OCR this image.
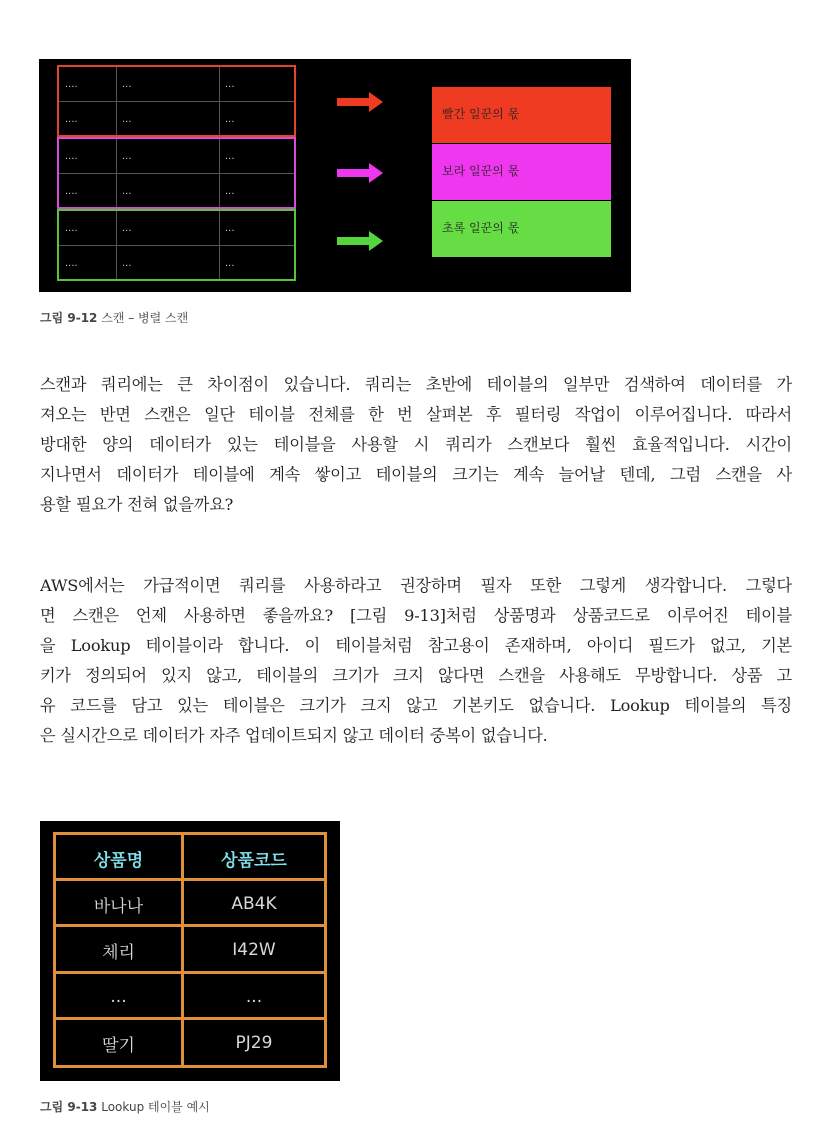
....	...	...
....	...	...
....	...	...
....	...	...
....	...	...
....	...	...
빨간 일꾼의 몫
보라 일꾼의 몫
초록 일꾼의 몫
그림 9-12 스캔 – 병렬 스캔
스캔과 쿼리에는 큰 차이점이 있습니다. 쿼리는 초반에 테이블의 일부만 검색하여 데이터를 가
져오는 반면 스캔은 일단 테이블 전체를 한 번 살펴본 후 필터링 작업이 이루어집니다. 따라서
방대한 양의 데이터가 있는 테이블을 사용할 시 쿼리가 스캔보다 훨씬 효율적입니다. 시간이
지나면서 데이터가 테이블에 계속 쌓이고 테이블의 크기는 계속 늘어날 텐데, 그럼 스캔을 사
용할 필요가 전혀 없을까요?
AWS에서는 가급적이면 쿼리를 사용하라고 권장하며 필자 또한 그렇게 생각합니다. 그렇다
면 스캔은 언제 사용하면 좋을까요? [그림 9-13]처럼 상품명과 상품코드로 이루어진 테이블
을 Lookup 테이블이라 합니다. 이 테이블처럼 참고용이 존재하며, 아이디 필드가 없고, 기본
키가 정의되어 있지 않고, 테이블의 크기가 크지 않다면 스캔을 사용해도 무방합니다. 상품 고
유 코드를 담고 있는 테이블은 크기가 크지 않고 기본키도 없습니다. Lookup 테이블의 특징
은 실시간으로 데이터가 자주 업데이트되지 않고 데이터 중복이 없습니다.
상품명	상품코드
바나나	AB4K
체리	I42W
...	...
딸기	PJ29
그림 9-13 Lookup 테이블 예시
